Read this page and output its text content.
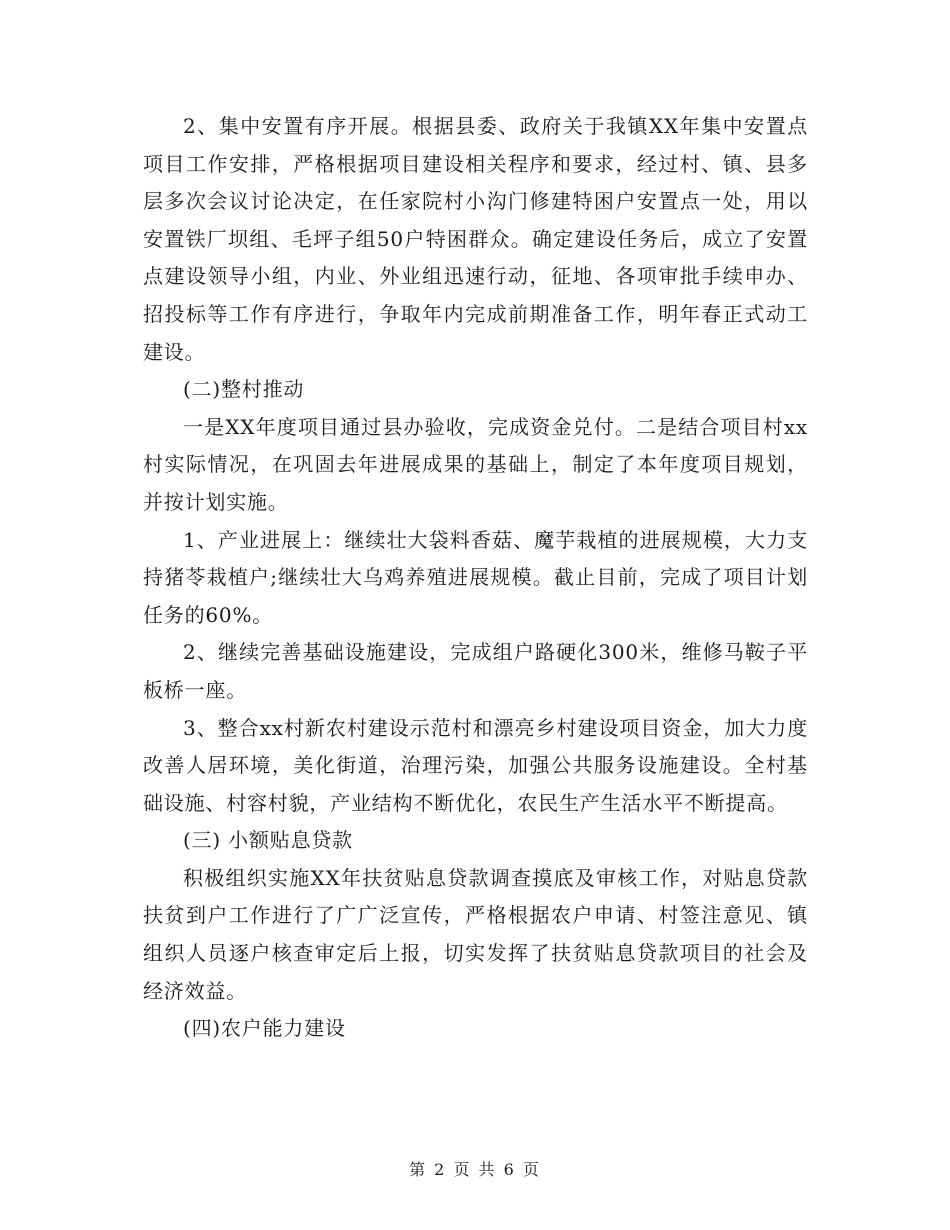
2、集中安置有序开展。根据县委、政府关于我镇XX年集中安置点项目工作安排，严格根据项目建设相关程序和要求，经过村、镇、县多层多次会议讨论决定，在任家院村小沟门修建特困户安置点一处，用以安置铁厂坝组、毛坪子组50户特困群众。确定建设任务后，成立了安置点建设领导小组，内业、外业组迅速行动，征地、各项审批手续申办、招投标等工作有序进行，争取年内完成前期准备工作，明年春正式动工建设。

(二)整村推动

一是XX年度项目通过县办验收，完成资金兑付。二是结合项目村xx村实际情况，在巩固去年进展成果的基础上，制定了本年度项目规划，并按计划实施。

1、产业进展上：继续壮大袋料香菇、魔芋栽植的进展规模，大力支持猪苓栽植户;继续壮大乌鸡养殖进展规模。截止目前，完成了项目计划任务的60%。

2、继续完善基础设施建设，完成组户路硬化300米，维修马鞍子平板桥一座。

3、整合xx村新农村建设示范村和漂亮乡村建设项目资金，加大力度改善人居环境，美化街道，治理污染，加强公共服务设施建设。全村基础设施、村容村貌，产业结构不断优化，农民生产生活水平不断提高。

(三) 小额贴息贷款

积极组织实施XX年扶贫贴息贷款调查摸底及审核工作，对贴息贷款扶贫到户工作进行了广广泛宣传，严格根据农户申请、村签注意见、镇组织人员逐户核查审定后上报，切实发挥了扶贫贴息贷款项目的社会及经济效益。

(四)农户能力建设

第 2 页 共 6 页
